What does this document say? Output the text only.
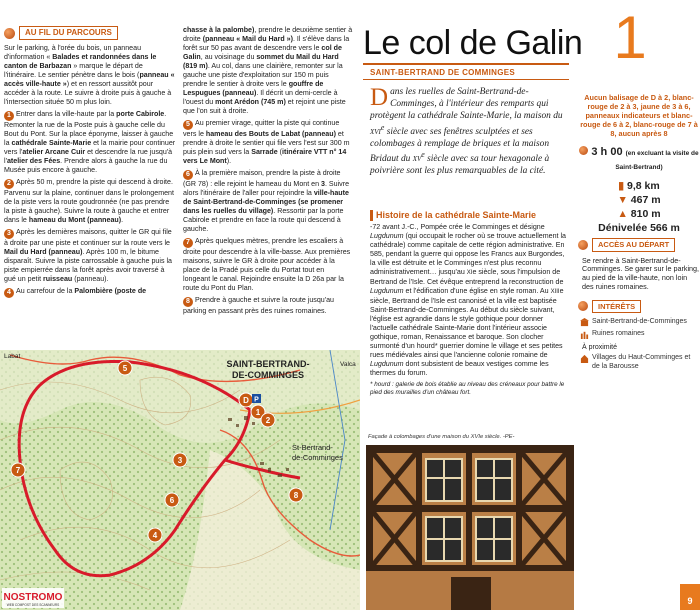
AU FIL DU PARCOURS

Sur le parking, à l'orée du bois, un panneau d'information « Balades et randonnées dans le canton de Barbazan » marque le départ de l'itinéraire. Le sentier pénètre dans le bois (panneau « accès ville-haute ») et en ressort aussitôt pour accéder à la route. Le suivre à droite puis à gauche à l'intersection située 50 m plus loin.

1 Entrer dans la ville-haute par la porte Cabirole. Remonter la rue de la Poste puis à gauche celle du Bout du Pont. Sur la place éponyme, laisser à gauche la cathédrale Sainte-Marie et la mairie pour continuer vers l'atelier Arcane Cuir et descendre la rue jusqu'à l'atelier des Fées. Prendre alors à gauche la rue du Musée puis encore à gauche.

2 Après 50 m, prendre la piste qui descend à droite. Parvenu sur la plaine, continuer dans le prolongement de la piste vers la route goudronnée (ne pas prendre la piste à gauche). Suivre la route à gauche et entrer dans le hameau du Mont (panneau).

3 Après les dernières maisons, quitter le GR qui file à droite par une piste et continuer sur la route vers le Mail du Hard (panneau). Après 100 m, le bitume disparaît. Suivre la piste carrossable à gauche puis la piste empierrée dans la forêt après avoir traversé à gué un petit ruisseau (panneau).

4 Au carrefour de la Palombière (poste de

chasse à la palombe), prendre le deuxième sentier à droite (panneau « Mail du Hard »). Il s'élève dans la forêt sur 50 pas avant de descendre vers le col de Galin, au voisinage du sommet du Mail du Hard (819 m). Au col, dans une clairière, remonter sur la gauche une piste d'exploitation sur 150 m puis prendre le sentier à droite vers le gouffre de Lespugues (panneau). Il décrit un demi-cercle à l'ouest du mont Arédon (745 m) et rejoint une piste que l'on suit à droite.

5 Au premier virage, quitter la piste qui continue vers le hameau des Bouts de Labat (panneau) et prendre à droite le sentier qui file vers l'est sur 300 m puis plein sud vers la Sarrade (itinéraire VTT n° 14 vers Le Mont).

6 À la première maison, prendre la piste à droite (GR 78) : elle rejoint le hameau du Mont en 3. Suivre alors l'itinéraire de l'aller pour rejoindre la ville-haute de Saint-Bertrand-de-Comminges (se promener dans les ruelles du village). Ressortir par la porte Cabirole et prendre en face la route qui descend à gauche.

7 Après quelques mètres, prendre les escaliers à droite pour descendre à la ville-basse. Aux premières maisons, suivre le GR à droite pour accéder à la place de la Pradé puis celle du Portat tout en longeant le canal. Rejoindre ensuite la D 26a par la route du Pont du Plan.

8 Prendre à gauche et suivre la route jusqu'au parking en passant près des ruines romaines.

D
1
3
6
4
5
7
8
2
P
SAINT-BERTRAND-
DE-COMMINGES
St-Bertrand-
de-Comminges
Labat
Valca
NOSTROMO
WEB COMPOST DES SCANNEURS
Le col de Galin 1
SAINT-BERTRAND DE COMMINGES
Dans les ruelles de Saint-Bertrand-de-Comminges, à l'intérieur des remparts qui protègent la cathédrale Sainte-Marie, la maison du XVIe siècle avec ses fenêtres sculptées et ses colombages à remplage de briques et la maison Bridaut du XVe siècle avec sa tour hexagonale à poivrière sont les plus remarquables de la cité.
Histoire de la cathédrale Sainte-Marie

-72 avant J.-C., Pompée crée le Comminges et désigne Lugdunum (qui occupait le rocher où se trouve actuellement la cathédrale) comme capitale de cette région administrative. En 585, pendant la guerre qui oppose les Francs aux Burgondes, la ville est détruite et le Comminges n'est plus reconnu administrativement… jusqu'au XIe siècle, sous l'impulsion de Bertrand de l'Isle. Cet évêque entreprend la reconstruction de Lugdunum et l'édification d'une église en style roman. Au XIIIe siècle, Bertrand de l'Isle est canonisé et la ville est baptisée Saint-Bertrand-de-Comminges. Au début du siècle suivant, l'église est agrandie dans le style gothique pour donner l'actuelle cathédrale Sainte-Marie dont l'intérieur associe gothique, roman, Renaissance et baroque. Son clocher surmonté d'un hourd* guerrier domine le village et ses petites rues médiévales ainsi que l'ancienne colonie romaine de Lugdunum dont subsistent de beaux vestiges comme les thermes du forum.

* hourd : galerie de bois établie au niveau des créneaux pour battre le pied des murailles d'un château fort.

Façade à colombages d'une maison du XVIe siècle. -PE-
Aucun balisage de D à 2, blanc-rouge de 2 à 3, jaune de 3 à 6, panneaux indicateurs et blanc-rouge de 6 à 2, blanc-rouge de 7 à 8, aucun après 8
3 h 00 (en excluant la visite de Saint-Bertrand)
▮ 9,8 km
▼ 467 m
▲ 810 m
Dénivelée 566 m
ACCÈS AU DÉPART
Se rendre à Saint-Bertrand-de-Comminges. Se garer sur le parking, au pied de la ville-haute, non loin des ruines romaines.
INTÉRÊTS
Saint-Bertrand-de-Comminges
Ruines romaines
À proximité
Villages du Haut-Comminges et de la Barousse
9
